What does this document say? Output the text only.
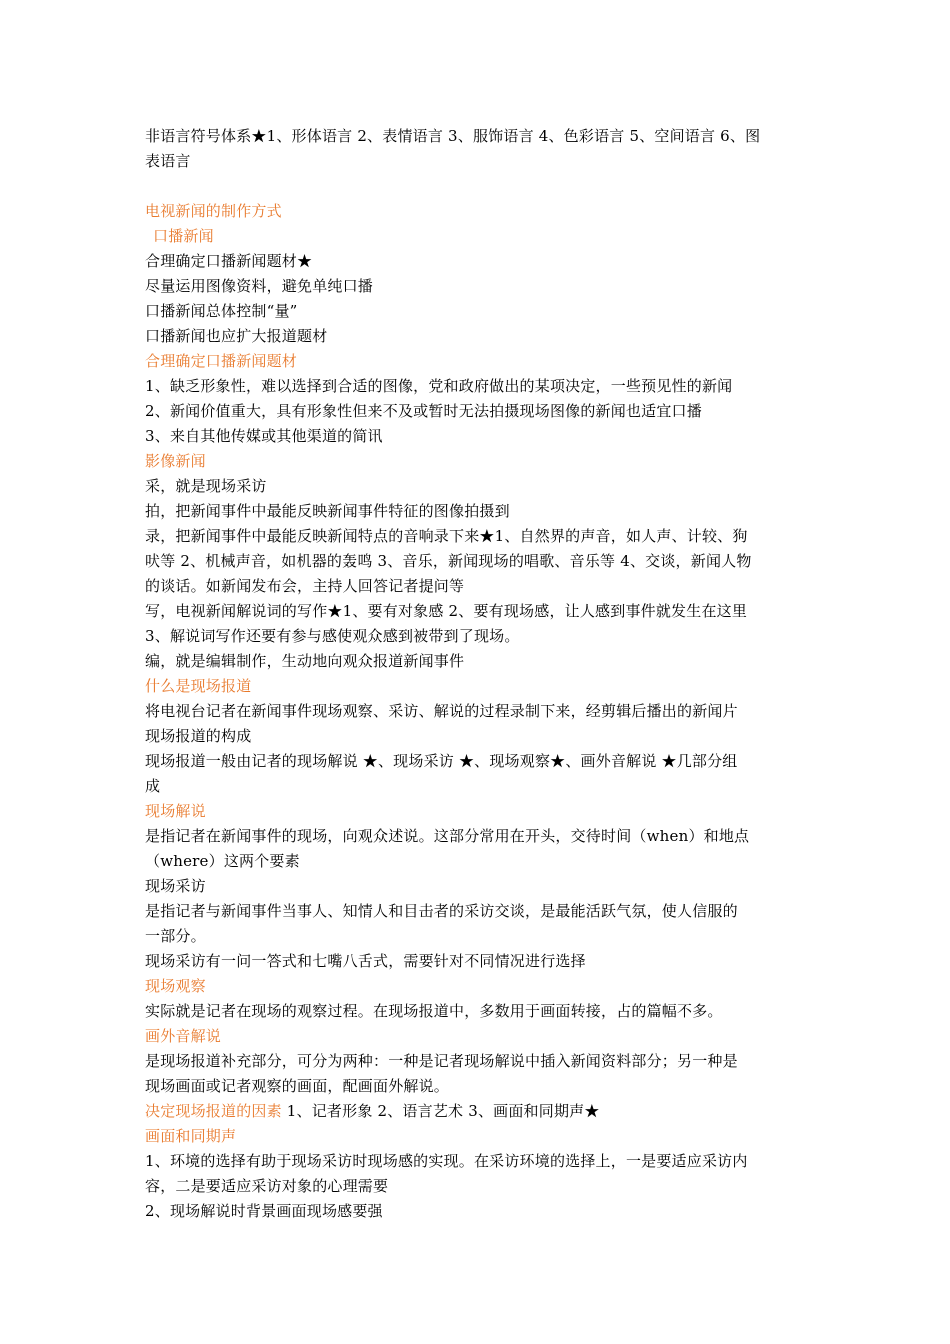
非语言符号体系★1、形体语言 2、表情语言 3、服饰语言 4、色彩语言 5、空间语言 6、图
表语言
电视新闻的制作方式
口播新闻
合理确定口播新闻题材★
尽量运用图像资料，避免单纯口播
口播新闻总体控制“量”
口播新闻也应扩大报道题材
合理确定口播新闻题材
1、缺乏形象性，难以选择到合适的图像，党和政府做出的某项决定，一些预见性的新闻
2、新闻价值重大，具有形象性但来不及或暂时无法拍摄现场图像的新闻也适宜口播
3、来自其他传媒或其他渠道的简讯
影像新闻
采，就是现场采访
拍，把新闻事件中最能反映新闻事件特征的图像拍摄到
录，把新闻事件中最能反映新闻特点的音响录下来★1、自然界的声音，如人声、计较、狗
吠等 2、机械声音，如机器的轰鸣 3、音乐，新闻现场的唱歌、音乐等 4、交谈，新闻人物
的谈话。如新闻发布会，主持人回答记者提问等
写，电视新闻解说词的写作★1、要有对象感 2、要有现场感，让人感到事件就发生在这里
3、解说词写作还要有参与感使观众感到被带到了现场。
编，就是编辑制作，生动地向观众报道新闻事件
什么是现场报道
将电视台记者在新闻事件现场观察、采访、解说的过程录制下来，经剪辑后播出的新闻片
现场报道的构成
现场报道一般由记者的现场解说 ★、现场采访 ★、现场观察★、画外音解说 ★几部分组
成
现场解说
是指记者在新闻事件的现场，向观众述说。这部分常用在开头，交待时间（when）和地点
（where）这两个要素
现场采访
是指记者与新闻事件当事人、知情人和目击者的采访交谈，是最能活跃气氛，使人信服的
一部分。
现场采访有一问一答式和七嘴八舌式，需要针对不同情况进行选择
现场观察
实际就是记者在现场的观察过程。在现场报道中，多数用于画面转接，占的篇幅不多。
画外音解说
是现场报道补充部分，可分为两种：一种是记者现场解说中插入新闻资料部分；另一种是
现场画面或记者观察的画面，配画面外解说。
决定现场报道的因素 1、记者形象 2、语言艺术 3、画面和同期声★
画面和同期声
1、环境的选择有助于现场采访时现场感的实现。在采访环境的选择上，一是要适应采访内
容，二是要适应采访对象的心理需要
2、现场解说时背景画面现场感要强
